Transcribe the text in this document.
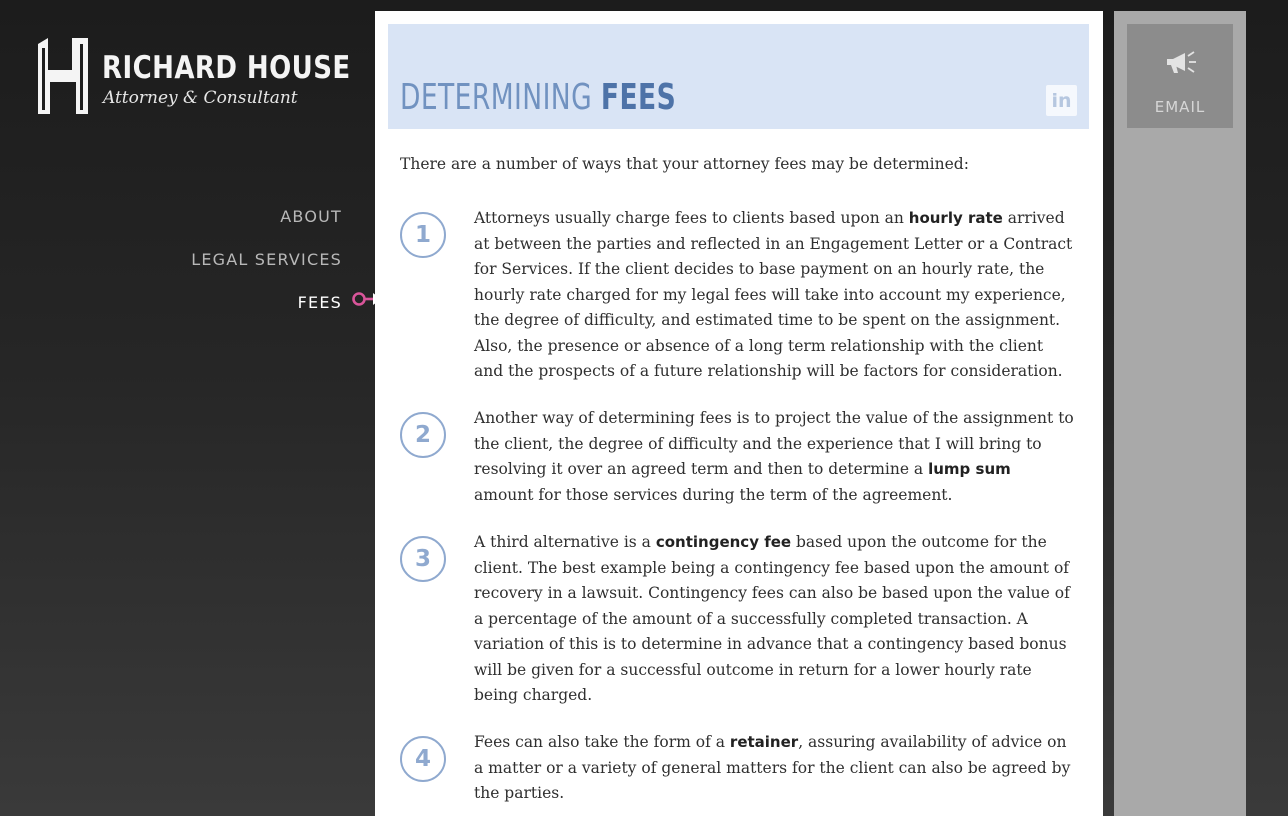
RICHARD HOUSE
Attorney & Consultant
ABOUT
LEGAL SERVICES
FEES
DETERMINING FEES	in

There are a number of ways that your attorney fees may be determined:

1

Attorneys usually charge fees to clients based upon an hourly rate arrived at between the parties and reflected in an Engagement Letter or a Contract for Services. If the client decides to base payment on an hourly rate, the hourly rate charged for my legal fees will take into account my experience, the degree of difficulty, and estimated time to be spent on the assignment. Also, the presence or absence of a long term relationship with the client and the prospects of a future relationship will be factors for consideration.

2

Another way of determining fees is to project the value of the assignment to the client, the degree of difficulty and the experience that I will bring to resolving it over an agreed term and then to determine a lump sum amount for those services during the term of the agreement.

3

A third alternative is a contingency fee based upon the outcome for the client. The best example being a contingency fee based upon the amount of recovery in a lawsuit. Contingency fees can also be based upon the value of a percentage of the amount of a successfully completed transaction. A variation of this is to determine in advance that a contingency based bonus will be given for a successful outcome in return for a lower hourly rate being charged.

4

Fees can also take the form of a retainer, assuring availability of advice on a matter or a variety of general matters for the client can also be agreed by the parties.

EMAIL
